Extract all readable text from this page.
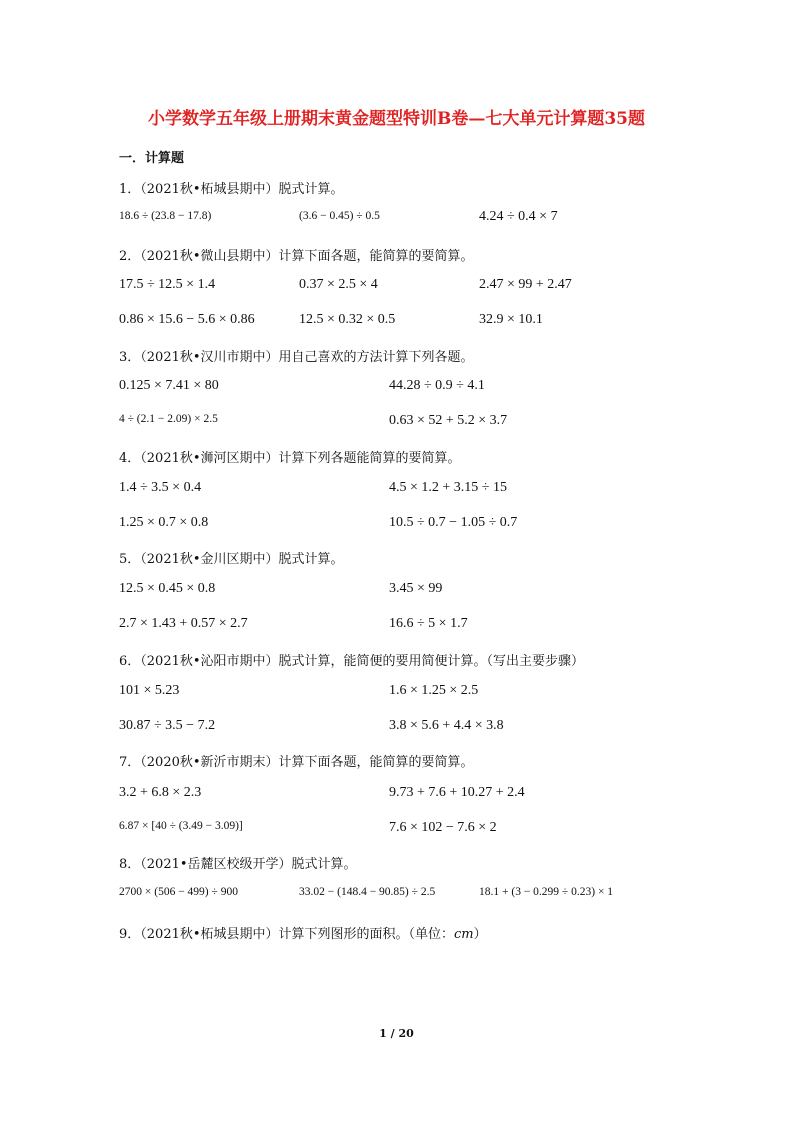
小学数学五年级上册期末黄金题型特训B卷—七大单元计算题35题
一．计算题
1．（2021秋•柘城县期中）脱式计算。
18.6 ÷ (23.8 − 17.8)	(3.6 − 0.45) ÷ 0.5	4.24 ÷ 0.4 × 7
2．（2021秋•微山县期中）计算下面各题，能简算的要简算。
17.5 ÷ 12.5 × 1.4	0.37 × 2.5 × 4	2.47 × 99 + 2.47
0.86 × 15.6 − 5.6 × 0.86	12.5 × 0.32 × 0.5	32.9 × 10.1
3．（2021秋•汉川市期中）用自己喜欢的方法计算下列各题。
0.125 × 7.41 × 80	44.28 ÷ 0.9 ÷ 4.1
4 ÷ (2.1 − 2.09) × 2.5	0.63 × 52 + 5.2 × 3.7
4．（2021秋•浉河区期中）计算下列各题能简算的要简算。
1.4 ÷ 3.5 × 0.4	4.5 × 1.2 + 3.15 ÷ 15
1.25 × 0.7 × 0.8	10.5 ÷ 0.7 − 1.05 ÷ 0.7
5．（2021秋•金川区期中）脱式计算。
12.5 × 0.45 × 0.8	3.45 × 99
2.7 × 1.43 + 0.57 × 2.7	16.6 ÷ 5 × 1.7
6．（2021秋•沁阳市期中）脱式计算，能简便的要用简便计算。（写出主要步骤）
101 × 5.23	1.6 × 1.25 × 2.5
30.87 ÷ 3.5 − 7.2	3.8 × 5.6 + 4.4 × 3.8
7．（2020秋•新沂市期末）计算下面各题，能简算的要简算。
3.2 + 6.8 × 2.3	9.73 + 7.6 + 10.27 + 2.4
6.87 × [40 ÷ (3.49 − 3.09)]	7.6 × 102 − 7.6 × 2
8．（2021•岳麓区校级开学）脱式计算。
2700 × (506 − 499) ÷ 900	33.02 − (148.4 − 90.85) ÷ 2.5	18.1 + (3 − 0.299 ÷ 0.23) × 1
9．（2021秋•柘城县期中）计算下列图形的面积。（单位：cm）
1 / 20
